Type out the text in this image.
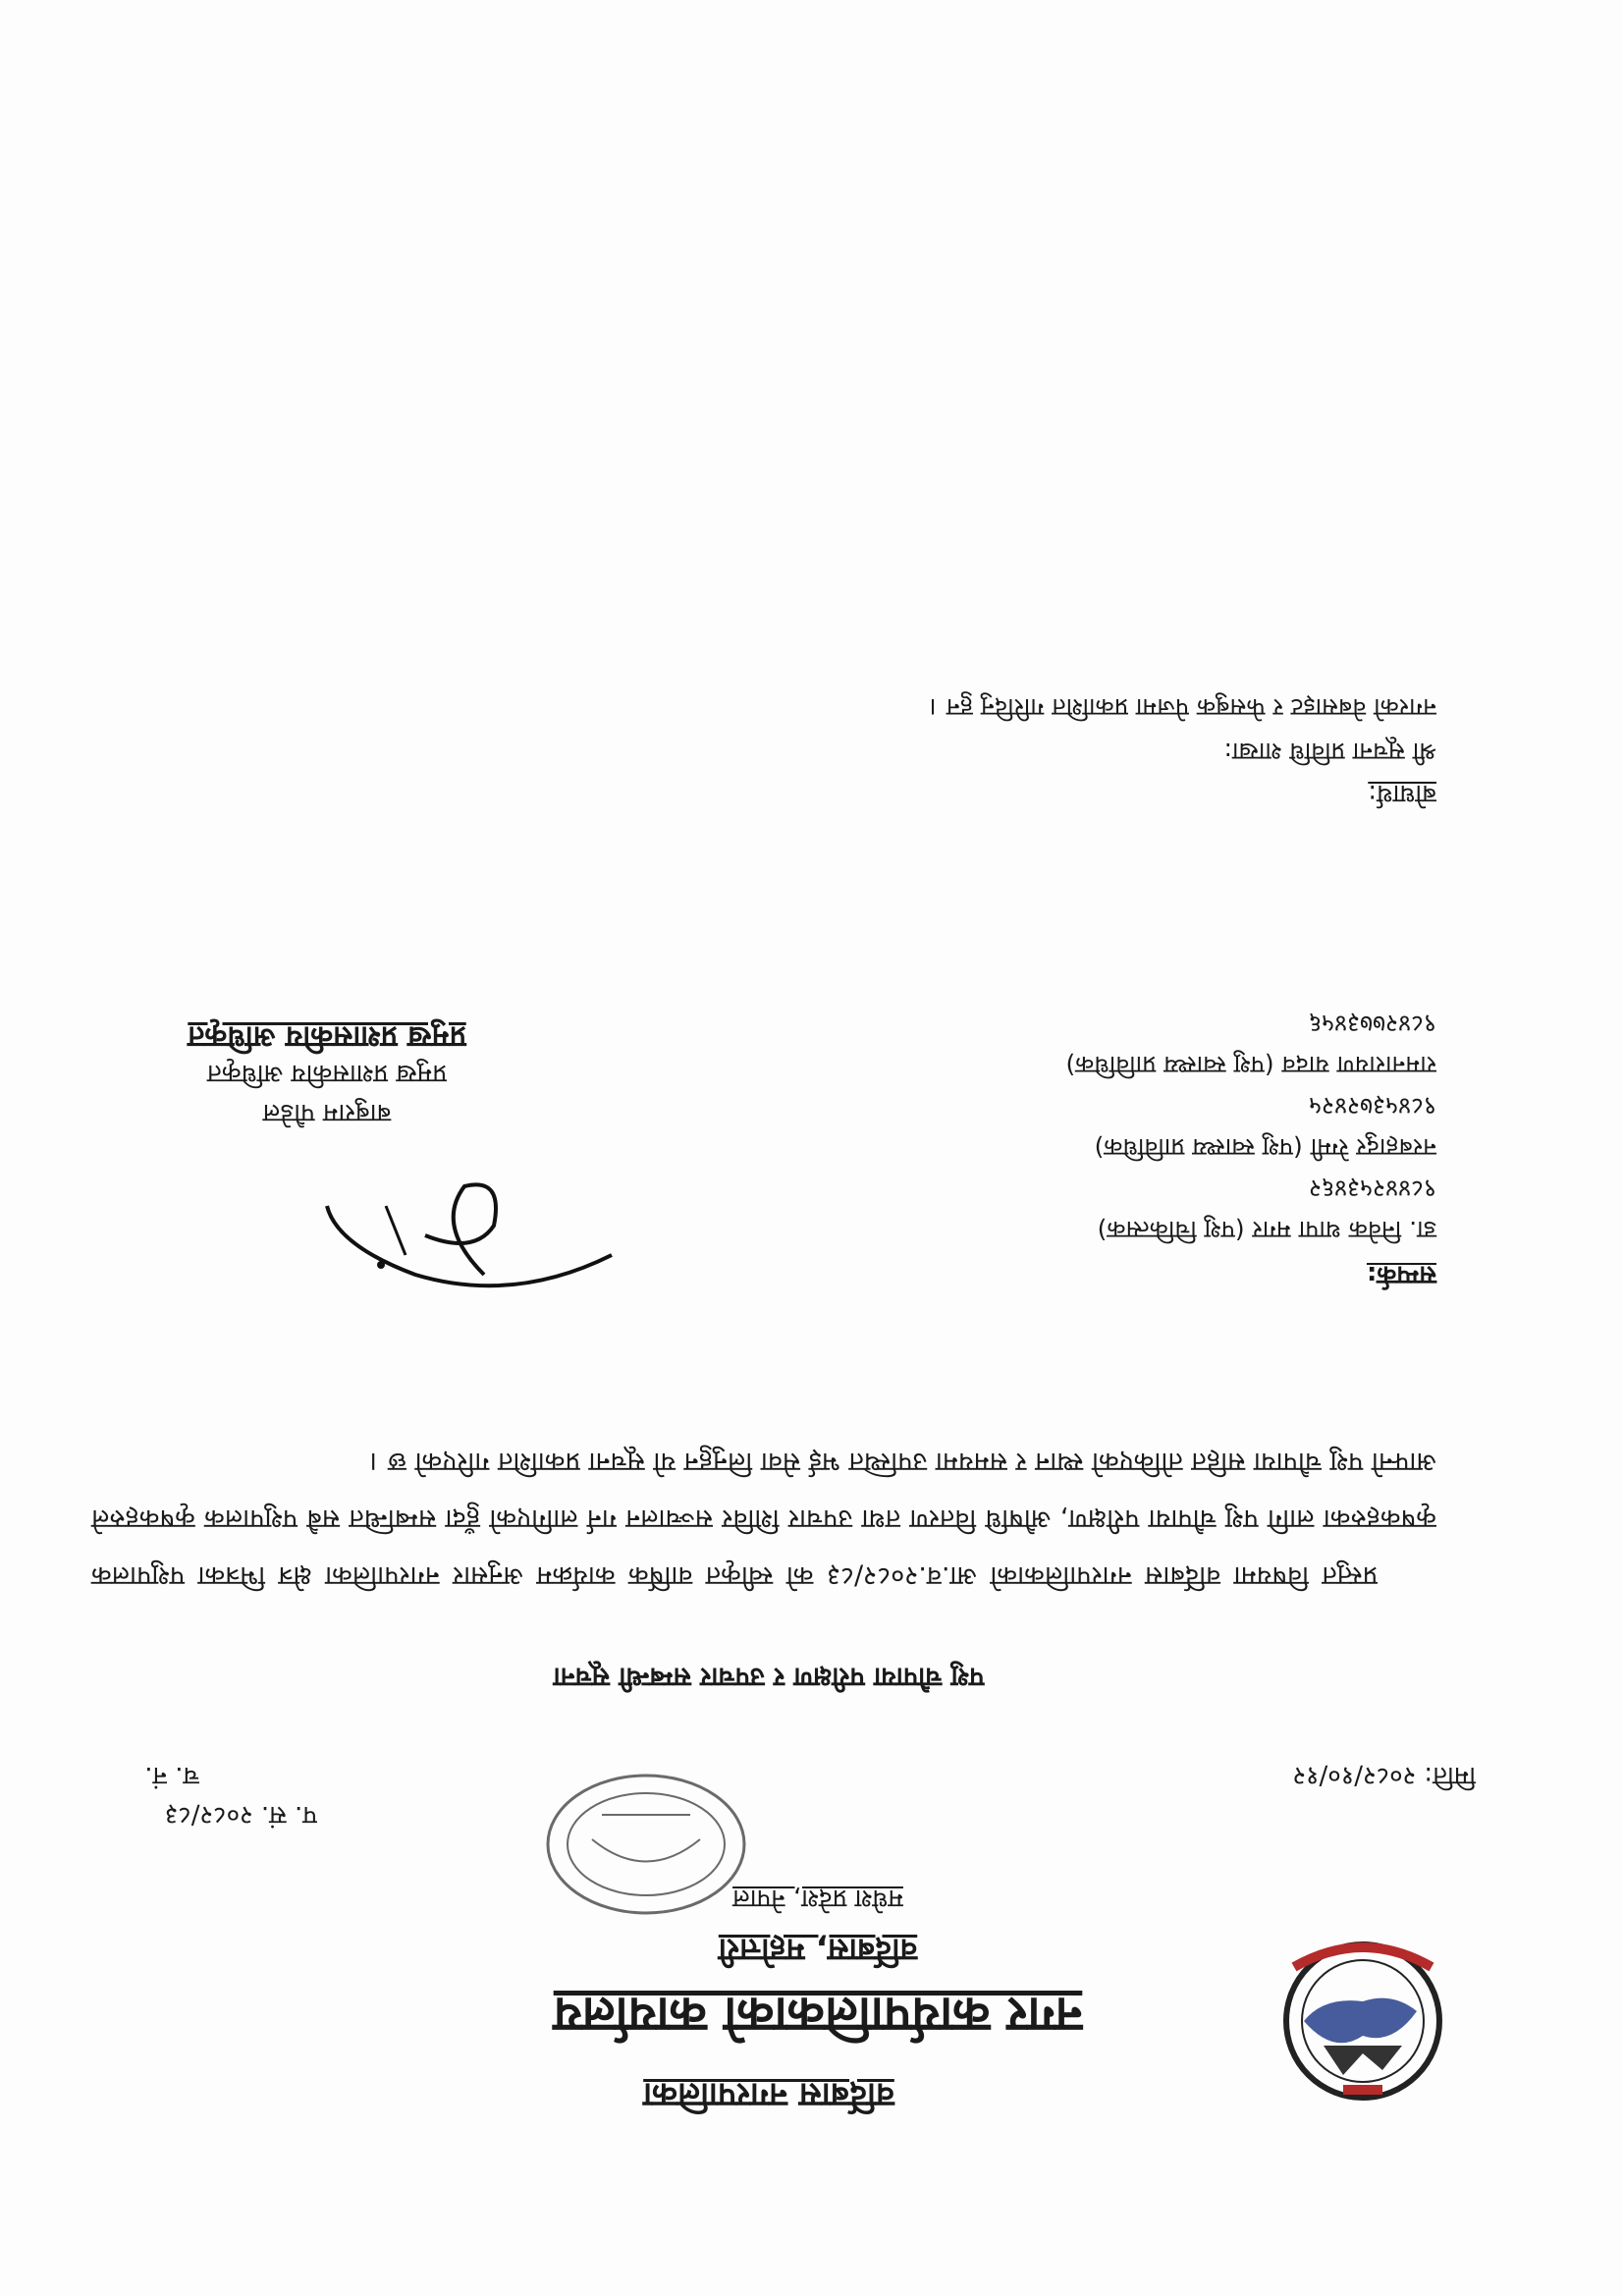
वर्दिबास नगरपालिका
नगर कार्यपालिकाको कार्यालय
वर्दिबास, महोत्तरी
मधेश प्रदेश, नेपाल
प. सं. २०८२/८३
च. नं.	मिति: २०८२/१०/१२
पशु चौपाया परीक्षण र उपचार सम्बन्धी सूचना
प्रस्तुत विषयमा वर्दिबास नगरपालिकाको आ.व.२०८२/८३ को स्वीकृत वार्षिक कार्यक्रम अनुसार नगरपालिका क्षेत्र भित्रका पशुपालक कृषकहरुका लागि पशु चौपाया परीक्षण, औषधि वितरण तथा उपचार शिविर सञ्चालन गर्न लागिएको हुँदा सम्बन्धित सबै पशुपालक कृषकहरुले आफ्नो पशु चौपाया सहित तोकिएको स्थान र समयमा उपस्थित भई सेवा लिनुहुन यो सूचना प्रकाशित गरिएको छ ।
सम्पर्क:
डा. निवेक थापा मगर (पशु चिकित्सक)
९८४४२५३४६२
नरबहादुर रेग्मी (पशु स्वास्थ्य प्राविधिक)
९८४५३७२४२५
रामनारायण यादव (पशु स्वास्थ्य प्राविधिक)
९८४२७७३४५६
बाबुराम पौडेल
प्रमुख प्रशासकीय अधिकृत
प्रमुख प्रशासकीय अधिकृत
बोधार्थ:
श्री सूचना प्रविधि शाखा:
नगरको वेबसाइट र फेसबुक पेजमा प्रकाशित गरिदिनु हुन ।
